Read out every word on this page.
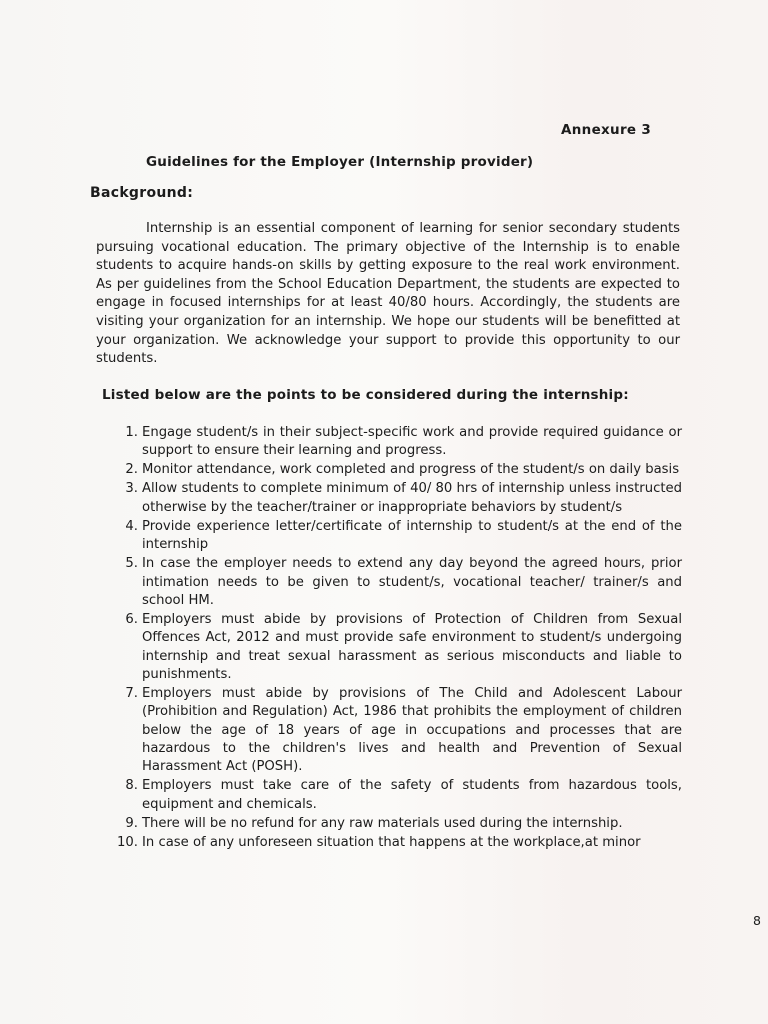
Annexure 3
Guidelines for the Employer (Internship provider)
Background:

Internship is an essential component of learning for senior secondary students pursuing vocational education. The primary objective of the Internship is to enable students to acquire hands-on skills by getting exposure to the real work environment. As per guidelines from the School Education Department, the students are expected to engage in focused internships for at least 40/80 hours. Accordingly, the students are visiting your organization for an internship. We hope our students will be benefitted at your organization. We acknowledge your support to provide this opportunity to our students.

Listed below are the points to be considered during the internship:
1. Engage student/s in their subject-specific work and provide required guidance or support to ensure their learning and progress.
2. Monitor attendance, work completed and progress of the student/s on daily basis
3. Allow students to complete minimum of 40/ 80 hrs of internship unless instructed otherwise by the teacher/trainer or inappropriate behaviors by student/s
4. Provide experience letter/certificate of internship to student/s at the end of the internship
5. In case the employer needs to extend any day beyond the agreed hours, prior intimation needs to be given to student/s, vocational teacher/ trainer/s and school HM.
6. Employers must abide by provisions of Protection of Children from Sexual Offences Act, 2012 and must provide safe environment to student/s undergoing internship and treat sexual harassment as serious misconducts and liable to punishments.
7. Employers must abide by provisions of The Child and Adolescent Labour (Prohibition and Regulation) Act, 1986 that prohibits the employment of children below the age of 18 years of age in occupations and processes that are hazardous to the children's lives and health and Prevention of Sexual Harassment Act (POSH).
8. Employers must take care of the safety of students from hazardous tools, equipment and chemicals.
9. There will be no refund for any raw materials used during the internship.
10. In case of any unforeseen situation that happens at the workplace,at minor
8
